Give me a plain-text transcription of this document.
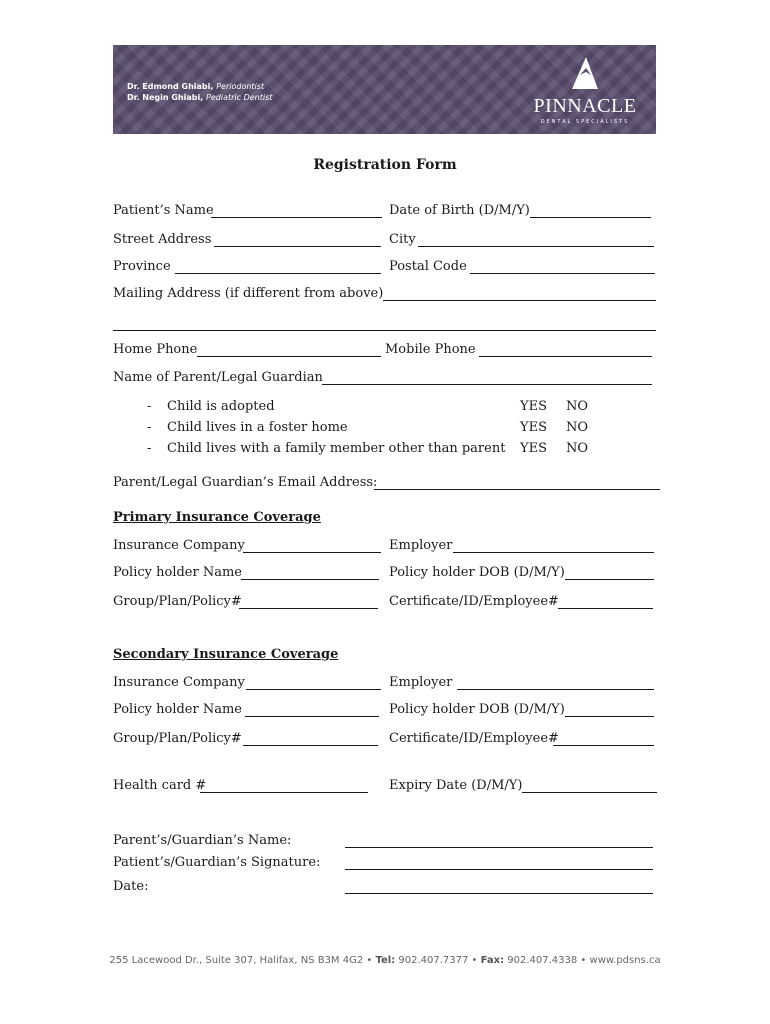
Dr. Edmond Ghiabi, Periodontist
Dr. Negin Ghiabi, Pediatric Dentist	PINNACLE
DENTAL SPECIALISTS
Registration Form
Patient’s Name	Date of Birth (D/M/Y)
Street Address	City
Province	Postal Code
Mailing Address (if different from above)
Home Phone	Mobile Phone
Name of Parent/Legal Guardian
- Child is adopted	YES NO
- Child lives in a foster home	YES NO
- Child lives with a family member other than parent YES NO
Parent/Legal Guardian’s Email Address:
Primary Insurance Coverage
Insurance Company	Employer
Policy holder Name	Policy holder DOB (D/M/Y)
Group/Plan/Policy#	Certificate/ID/Employee#
Secondary Insurance Coverage
Insurance Company	Employer
Policy holder Name	Policy holder DOB (D/M/Y)
Group/Plan/Policy#	Certificate/ID/Employee#
Health card #	Expiry Date (D/M/Y)
Parent’s/Guardian’s Name:
Patient’s/Guardian’s Signature:
Date:
255 Lacewood Dr., Suite 307, Halifax, NS B3M 4G2 • Tel: 902.407.7377 • Fax: 902.407.4338 • www.pdsns.ca
